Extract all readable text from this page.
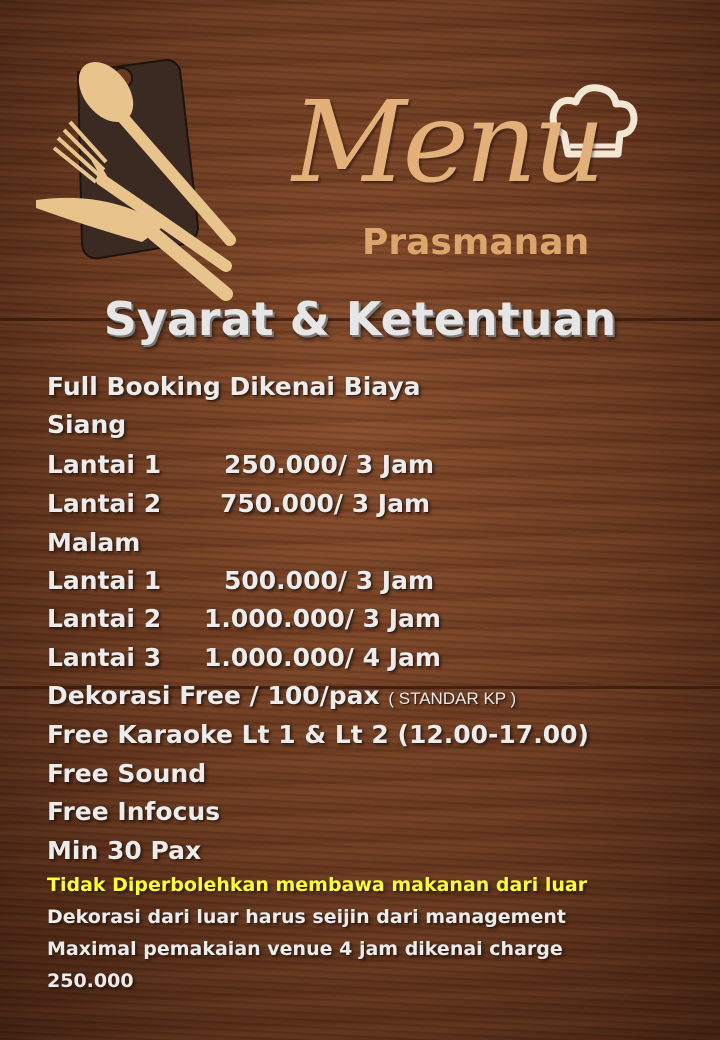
Menu
Prasmanan
Syarat & Ketentuan
Full Booking Dikenai Biaya
Siang
Lantai 1	250.000/ 3 Jam
Lantai 2 750.000/ 3 Jam
Malam
Lantai 1	500.000/ 3 Jam
Lantai 2 1.000.000/ 3 Jam
Lantai 3 1.000.000/ 4 Jam
Dekorasi Free / 100/pax ( STANDAR KP )
Free Karaoke Lt 1 & Lt 2 (12.00-17.00)
Free Sound
Free Infocus
Min 30 Pax
Tidak Diperbolehkan membawa makanan dari luar
Dekorasi dari luar harus seijin dari management
Maximal pemakaian venue 4 jam dikenai charge
250.000
